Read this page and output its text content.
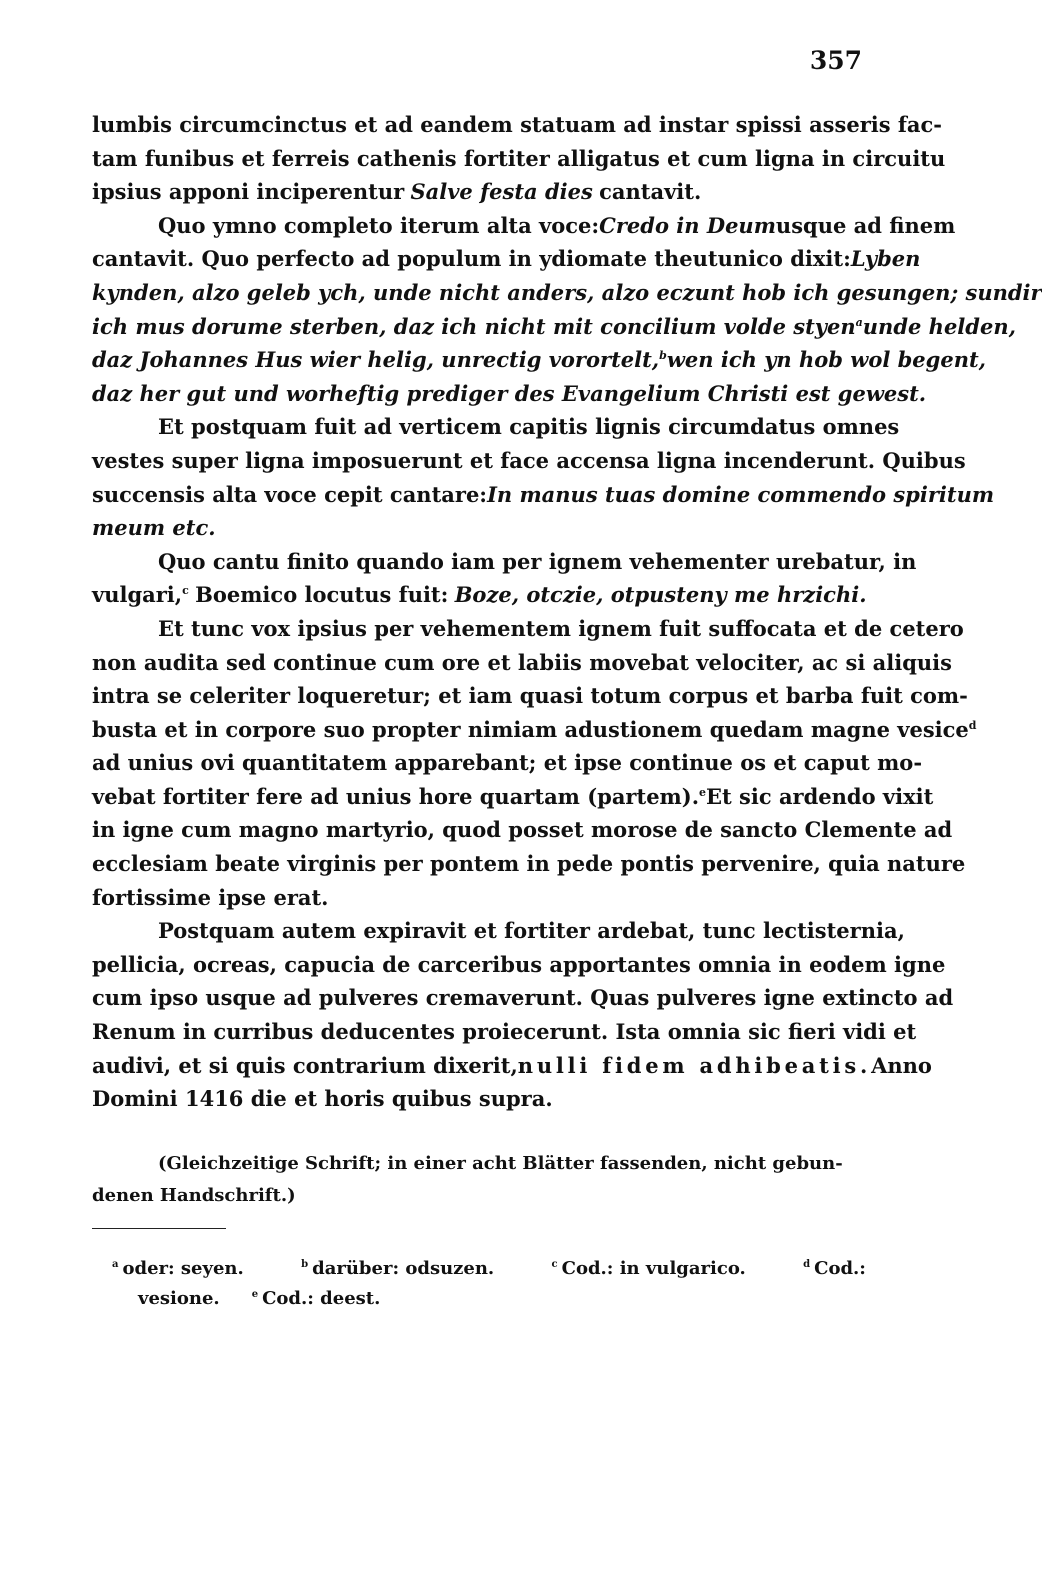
357
lumbis circumcinctus et ad eandem statuam ad instar spissi asseris fac-
tam funibus et ferreis cathenis fortiter alligatus et cum ligna in circuitu
ipsius apponi inciperentur Salve festa dies cantavit.
Quo ymno completo iterum alta voce: Credo in Deum usque ad finem
cantavit. Quo perfecto ad populum in ydiomate theutunico dixit: Lyben
kynden, alzo geleb ych, unde nicht anders, alzo eczunt hob ich gesungen; sundir
ich mus dorume sterben, daz ich nicht mit concilium volde styen$^a$ unde helden,
daz Johannes Hus wier helig, unrectig vorortelt,$^b$ wen ich yn hob wol begent,
daz her gut und worheftig prediger des Evangelium Christi est gewest.
Et postquam fuit ad verticem capitis lignis circumdatus omnes
vestes super ligna imposuerunt et face accensa ligna incenderunt. Quibus
succensis alta voce cepit cantare: In manus tuas domine commendo spiritum
meum etc.
Quo cantu finito quando iam per ignem vehementer urebatur, in
vulgari,$^c$ Boemico locutus fuit: Boze, otczie, otpusteny me hrzichi.
Et tunc vox ipsius per vehementem ignem fuit suffocata et de cetero
non audita sed continue cum ore et labiis movebat velociter, ac si aliquis
intra se celeriter loqueretur; et iam quasi totum corpus et barba fuit com-
busta et in corpore suo propter nimiam adustionem quedam magne vesice$^d$
ad unius ovi quantitatem apparebant; et ipse continue os et caput mo-
vebat fortiter fere ad unius hore quartam (partem).$^e$ Et sic ardendo vixit
in igne cum magno martyrio, quod posset morose de sancto Clemente ad
ecclesiam beate virginis per pontem in pede pontis pervenire, quia nature
fortissime ipse erat.
Postquam autem expiravit et fortiter ardebat, tunc lectisternia,
pellicia, ocreas, capucia de carceribus apportantes omnia in eodem igne
cum ipso usque ad pulveres cremaverunt. Quas pulveres igne extincto ad
Renum in curribus deducentes proiecerunt. Ista omnia sic fieri vidi et
audivi, et si quis contrarium dixerit, nulli fidem adhibeatis. Anno
Domini 1416 die et horis quibus supra.
(Gleichzeitige Schrift; in einer acht Blätter fassenden, nicht gebun-
denen Handschrift.)
$^a$ oder: seyen.	$^b$ darüber: odsuzen.	$^c$ Cod.: in vulgarico.	$^d$ Cod.:
vesione.	$^e$ Cod.: deest.
